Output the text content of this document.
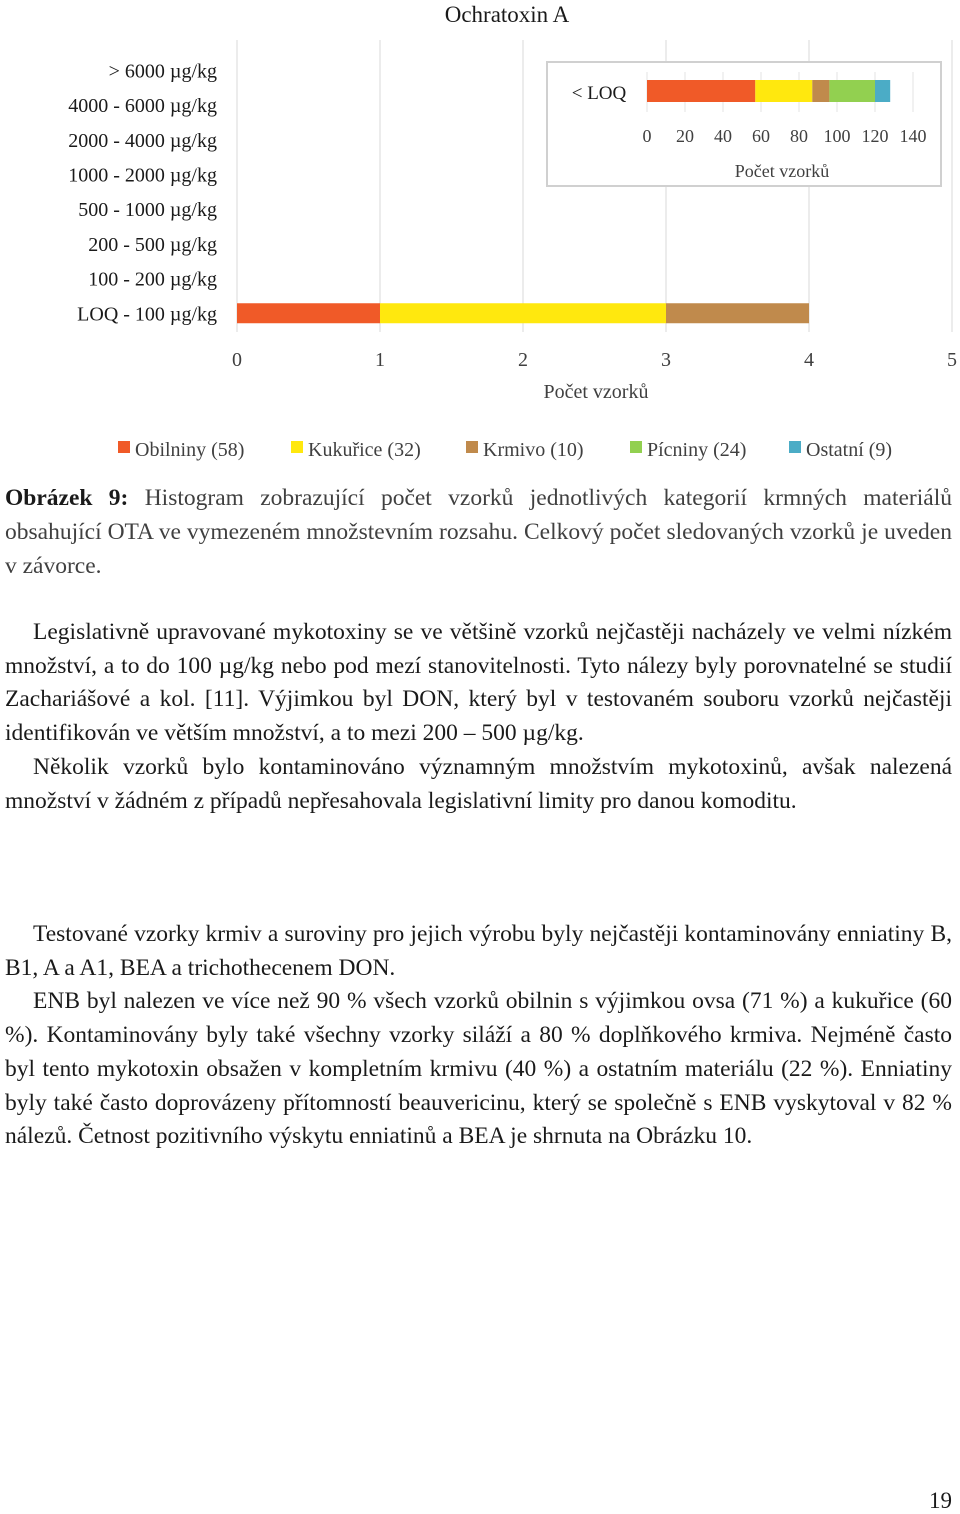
Ochratoxin A
> 6000 µg/kg
4000 - 6000 µg/kg
2000 - 4000 µg/kg
1000 - 2000 µg/kg
500 - 1000 µg/kg
200 - 500 µg/kg
100 - 200 µg/kg
LOQ - 100 µg/kg
0	1	2	3	4	5
Počet vzorků
< LOQ
0 20 40 60 80 100 120 140
Počet vzorků
Obilniny (58)	Kukuřice (32)	Krmivo (10)	Pícniny (24)	Ostatní (9)
Obrázek 9: Histogram zobrazující počet vzorků jednotlivých kategorií krmných materiálů obsahující OTA ve vymezeném množstevním rozsahu. Celkový počet sledovaných vzorků je uveden v závorce.

Legislativně upravované mykotoxiny se ve většině vzorků nejčastěji nacházely ve velmi nízkém množství, a to do 100 µg/kg nebo pod mezí stanovitelnosti. Tyto nálezy byly porovnatelné se studií Zachariášové a kol. [11]. Výjimkou byl DON, který byl v testovaném souboru vzorků nejčastěji identifikován ve větším množství, a to mezi 200 – 500 µg/kg.

Několik vzorků bylo kontaminováno významným množstvím mykotoxinů, avšak nalezená množství v žádném z případů nepřesahovala legislativní limity pro danou komoditu.

Testované vzorky krmiv a suroviny pro jejich výrobu byly nejčastěji kontaminovány enniatiny B, B1, A a A1, BEA a trichothecenem DON.

ENB byl nalezen ve více než 90 % všech vzorků obilnin s výjimkou ovsa (71 %) a kukuřice (60 %). Kontaminovány byly také všechny vzorky siláží a 80 % doplňkového krmiva. Nejméně často byl tento mykotoxin obsažen v kompletním krmivu (40 %) a ostatním materiálu (22 %). Enniatiny byly také často doprovázeny přítomností beauvericinu, který se společně s ENB vyskytoval v 82 % nálezů. Četnost pozitivního výskytu enniatinů a BEA je shrnuta na Obrázku 10.

19
